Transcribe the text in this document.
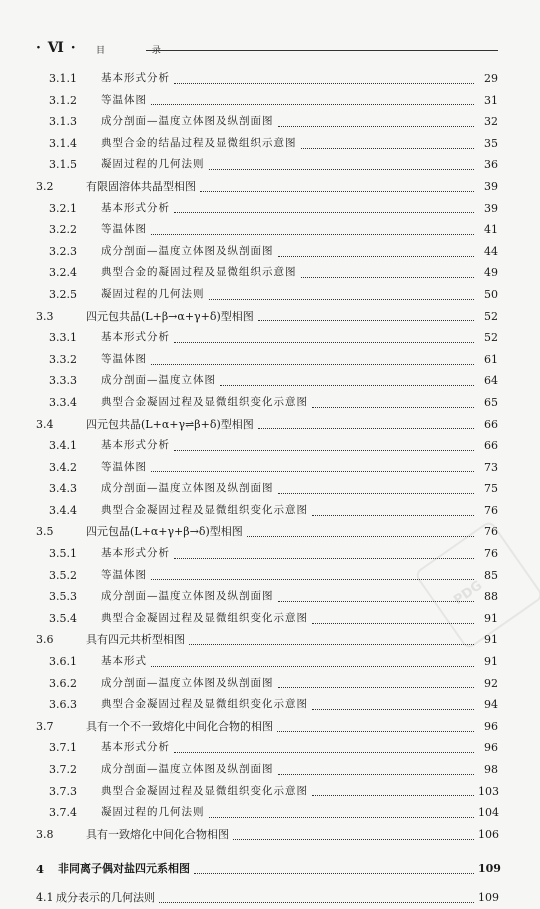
· Ⅵ · 目 录
3.1.1	基本形式分析	29
3.1.2	等温体图	31
3.1.3	成分剖面—温度立体图及纵剖面图	32
3.1.4	典型合金的结晶过程及显微组织示意图	35
3.1.5	凝固过程的几何法则	36
3.2	有限固溶体共晶型相图	39
3.2.1	基本形式分析	39
3.2.2	等温体图	41
3.2.3	成分剖面—温度立体图及纵剖面图	44
3.2.4	典型合金的凝固过程及显微组织示意图	49
3.2.5	凝固过程的几何法则	50
3.3	四元包共晶(L+β→α+γ+δ)型相图	52
3.3.1	基本形式分析	52
3.3.2	等温体图	61
3.3.3	成分剖面—温度立体图	64
3.3.4	典型合金凝固过程及显微组织变化示意图	65
3.4	四元包共晶(L+α+γ⇌β+δ)型相图	66
3.4.1	基本形式分析	66
3.4.2	等温体图	73
3.4.3	成分剖面—温度立体图及纵剖面图	75
3.4.4	典型合金凝固过程及显微组织变化示意图	76
3.5	四元包晶(L+α+γ+β→δ)型相图	76
3.5.1	基本形式分析	76
3.5.2	等温体图	85
3.5.3	成分剖面—温度立体图及纵剖面图	88
3.5.4	典型合金凝固过程及显微组织变化示意图	91
3.6	具有四元共析型相图	91
3.6.1	基本形式	91
3.6.2	成分剖面—温度立体图及纵剖面图	92
3.6.3	典型合金凝固过程及显微组织变化示意图	94
3.7	具有一个不一致熔化中间化合物的相图	96
3.7.1	基本形式分析	96
3.7.2	成分剖面—温度立体图及纵剖面图	98
3.7.3	典型合金凝固过程及显微组织变化示意图	103
3.7.4	凝固过程的几何法则	104
3.8	具有一致熔化中间化合物相图	106
4	非同离子偶对盐四元系相图	109
4.1 成分表示的几何法则	109
PDG
